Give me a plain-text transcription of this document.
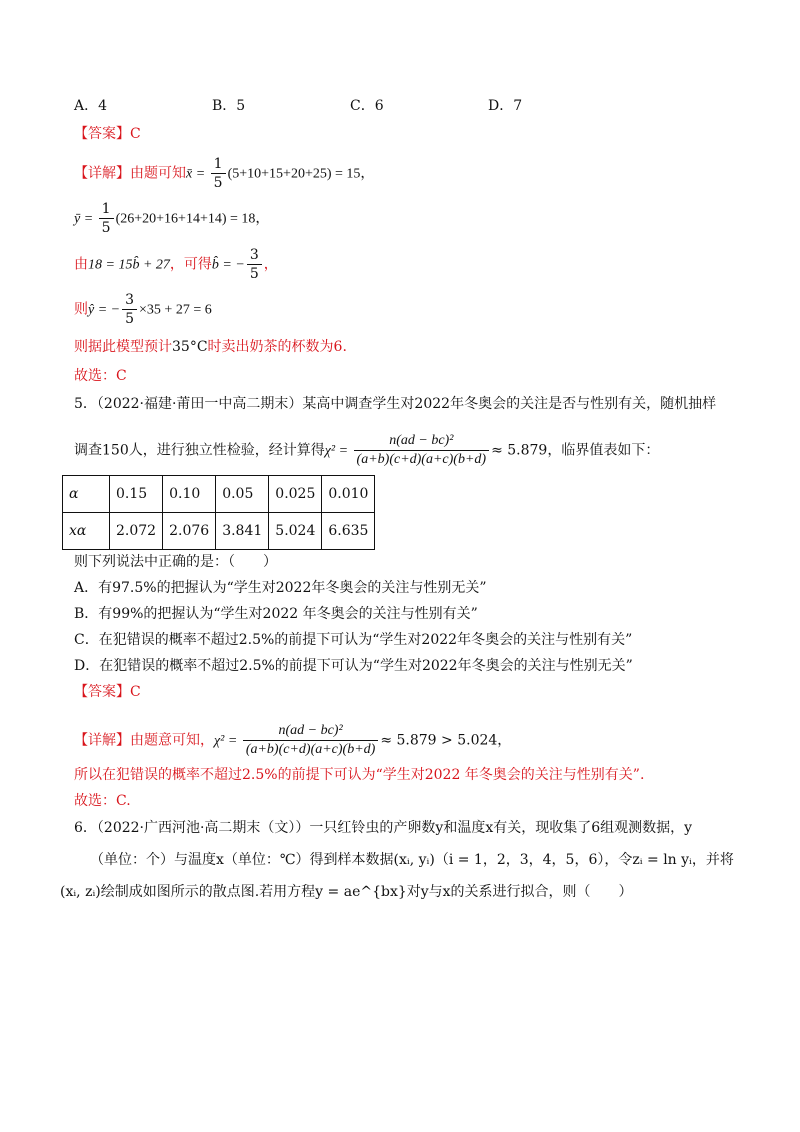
A．4	B．5	C．6	D．7
【答案】C
【详解】由题可知x̄ = $\frac{1}{5} (5+10+15+20+25) = 15$，
ȳ = $\frac{1}{5} (26+20+16+14+14) = 18$，
由18 = 15b̂ + 27，可得b̂ = − $\frac{3}{5}$ ，
则ŷ = − $\frac{3}{5} \times 35 + 27 = 6$
则据此模型预计35°C时卖出奶茶的杯数为6.
故选：C
5．（2022·福建·莆田一中高二期末）某高中调查学生对2022年冬奥会的关注是否与性别有关，随机抽样
调查150人，进行独立性检验，经计算得$\chi^2 = \frac{\text{n(ad − bc)²}}{(a+b)(c+d)(a+c)(b+d)} \approx 5.879$，临界值表如下：
α	0.15	0.10	0.05	0.025	0.010
xα	2.072	2.076	3.841	5.024	6.635
则下列说法中正确的是：（　　）
A．有97.5%的把握认为“学生对2022年冬奥会的关注与性别无关”
B．有99%的把握认为“学生对2022 年冬奥会的关注与性别有关”
C．在犯错误的概率不超过2.5%的前提下可认为“学生对2022年冬奥会的关注与性别有关”
D．在犯错误的概率不超过2.5%的前提下可认为“学生对2022年冬奥会的关注与性别无关”
【答案】C
【详解】由题意可知，$\chi^2 = \frac{\text{n(ad − bc)²}}{(a+b)(c+d)(a+c)(b+d)} \approx 5.879 > 5.024$，
所以在犯错误的概率不超过2.5%的前提下可认为“学生对2022 年冬奥会的关注与性别有关”.
故选：C.
6．（2022·广西河池·高二期末（文））一只红铃虫的产卵数y和温度x有关，现收集了6组观测数据，y
（单位：个）与温度x（单位：℃）得到样本数据(xᵢ, yᵢ)（i = 1，2，3，4，5，6），令zᵢ = ln yᵢ，并将
(xᵢ, zᵢ)绘制成如图所示的散点图.若用方程y = ae^{bx}对y与x的关系进行拟合，则（　　）
